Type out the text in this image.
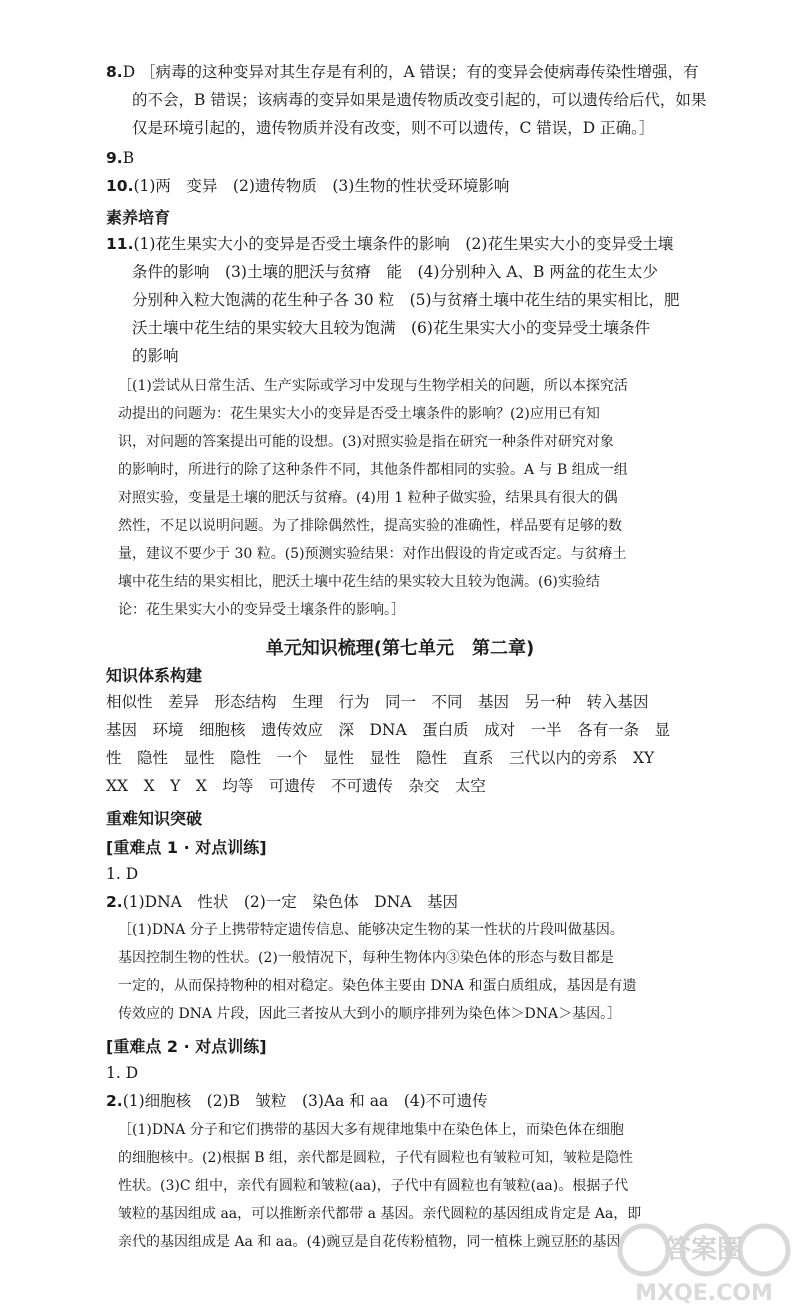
8.D ［病毒的这种变异对其生存是有利的，A 错误；有的变异会使病毒传染性增强，有
的不会，B 错误；该病毒的变异如果是遗传物质改变引起的，可以遗传给后代，如果
仅是环境引起的，遗传物质并没有改变，则不可以遗传，C 错误，D 正确。］
9.B
10.(1)两　变异　(2)遗传物质　(3)生物的性状受环境影响
素养培育
11.(1)花生果实大小的变异是否受土壤条件的影响　(2)花生果实大小的变异受土壤
条件的影响　(3)土壤的肥沃与贫瘠　能　(4)分别种入 A、B 两盆的花生太少
分别种入粒大饱满的花生种子各 30 粒　(5)与贫瘠土壤中花生结的果实相比，肥
沃土壤中花生结的果实较大且较为饱满　(6)花生果实大小的变异受土壤条件
的影响
［(1)尝试从日常生活、生产实际或学习中发现与生物学相关的问题，所以本探究活
动提出的问题为：花生果实大小的变异是否受土壤条件的影响？(2)应用已有知
识，对问题的答案提出可能的设想。(3)对照实验是指在研究一种条件对研究对象
的影响时，所进行的除了这种条件不同，其他条件都相同的实验。A 与 B 组成一组
对照实验，变量是土壤的肥沃与贫瘠。(4)用 1 粒种子做实验，结果具有很大的偶
然性，不足以说明问题。为了排除偶然性，提高实验的准确性，样品要有足够的数
量，建议不要少于 30 粒。(5)预测实验结果：对作出假设的肯定或否定。与贫瘠土
壤中花生结的果实相比，肥沃土壤中花生结的果实较大且较为饱满。(6)实验结
论：花生果实大小的变异受土壤条件的影响。］
单元知识梳理(第七单元　第二章)
知识体系构建
相似性　差异　形态结构　生理　行为　同一　不同　基因　另一种　转入基因
基因　环境　细胞核　遗传效应　深　DNA　蛋白质　成对　一半　各有一条　显
性　隐性　显性　隐性　一个　显性　显性　隐性　直系　三代以内的旁系　XY
XX　X　Y　X　均等　可遗传　不可遗传　杂交　太空
重难知识突破
[重难点 1 · 对点训练]
1. D
2.(1)DNA　性状　(2)一定　染色体　DNA　基因
［(1)DNA 分子上携带特定遗传信息、能够决定生物的某一性状的片段叫做基因。
基因控制生物的性状。(2)一般情况下，每种生物体内③染色体的形态与数目都是
一定的，从而保持物种的相对稳定。染色体主要由 DNA 和蛋白质组成，基因是有遗
传效应的 DNA 片段，因此三者按从大到小的顺序排列为染色体＞DNA＞基因。］
[重难点 2 · 对点训练]
1. D
2.(1)细胞核　(2)B　皱粒　(3)Aa 和 aa　(4)不可遗传
［(1)DNA 分子和它们携带的基因大多有规律地集中在染色体上，而染色体在细胞
的细胞核中。(2)根据 B 组，亲代都是圆粒，子代有圆粒也有皱粒可知，皱粒是隐性
性状。(3)C 组中，亲代有圆粒和皱粒(aa)，子代中有圆粒也有皱粒(aa)。根据子代
皱粒的基因组成 aa，可以推断亲代都带 a 基因。亲代圆粒的基因组成肯定是 Aa，即
亲代的基因组成是 Aa 和 aa。(4)豌豆是自花传粉植物，同一植株上豌豆胚的基因	答案圈
MXQE.COM
